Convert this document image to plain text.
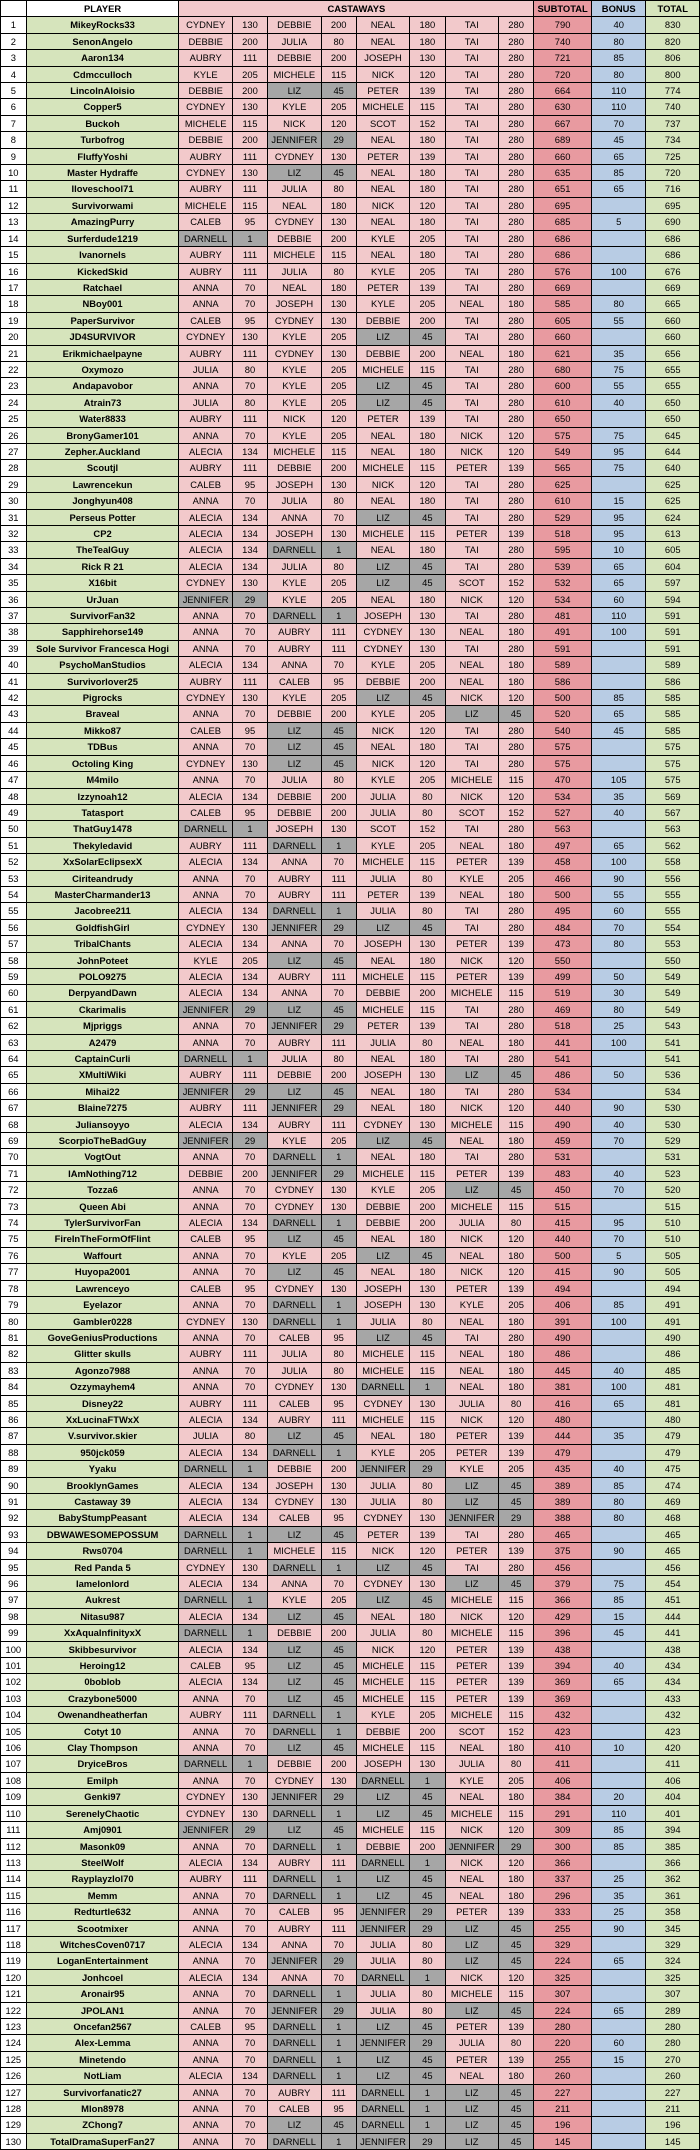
	PLAYER	CASTAWAYS								SUBTOTAL	BONUS	TOTAL
1	MikeyRocks33	CYDNEY	130	DEBBIE	200	NEAL	180	TAI	280	790	40	830
2	SenonAngelo	DEBBIE	200	JULIA	80	NEAL	180	TAI	280	740	80	820
3	Aaron134	AUBRY	111	DEBBIE	200	JOSEPH	130	TAI	280	721	85	806
4	Cdmcculloch	KYLE	205	MICHELE	115	NICK	120	TAI	280	720	80	800
5	LincolnAloisio	DEBBIE	200	LIZ	45	PETER	139	TAI	280	664	110	774
6	Copper5	CYDNEY	130	KYLE	205	MICHELE	115	TAI	280	630	110	740
7	Buckoh	MICHELE	115	NICK	120	SCOT	152	TAI	280	667	70	737
8	Turbofrog	DEBBIE	200	JENNIFER	29	NEAL	180	TAI	280	689	45	734
9	FluffyYoshi	AUBRY	111	CYDNEY	130	PETER	139	TAI	280	660	65	725
10	Master Hydraffe	CYDNEY	130	LIZ	45	NEAL	180	TAI	280	635	85	720
11	Iloveschool71	AUBRY	111	JULIA	80	NEAL	180	TAI	280	651	65	716
12	Survivorwami	MICHELE	115	NEAL	180	NICK	120	TAI	280	695		695
13	AmazingPurry	CALEB	95	CYDNEY	130	NEAL	180	TAI	280	685	5	690
14	Surferdude1219	DARNELL	1	DEBBIE	200	KYLE	205	TAI	280	686		686
15	Ivanornels	AUBRY	111	MICHELE	115	NEAL	180	TAI	280	686		686
16	KickedSkid	AUBRY	111	JULIA	80	KYLE	205	TAI	280	576	100	676
17	Ratchael	ANNA	70	NEAL	180	PETER	139	TAI	280	669		669
18	NBoy001	ANNA	70	JOSEPH	130	KYLE	205	NEAL	180	585	80	665
19	PaperSurvivor	CALEB	95	CYDNEY	130	DEBBIE	200	TAI	280	605	55	660
20	JD4SURVIVOR	CYDNEY	130	KYLE	205	LIZ	45	TAI	280	660		660
21	Erikmichaelpayne	AUBRY	111	CYDNEY	130	DEBBIE	200	NEAL	180	621	35	656
22	Oxymozo	JULIA	80	KYLE	205	MICHELE	115	TAI	280	680	75	655
23	Andapavobor	ANNA	70	KYLE	205	LIZ	45	TAI	280	600	55	655
24	Atrain73	JULIA	80	KYLE	205	LIZ	45	TAI	280	610	40	650
25	Water8833	AUBRY	111	NICK	120	PETER	139	TAI	280	650		650
26	BronyGamer101	ANNA	70	KYLE	205	NEAL	180	NICK	120	575	75	645
27	Zepher.Auckland	ALECIA	134	MICHELE	115	NEAL	180	NICK	120	549	95	644
28	Scoutjl	AUBRY	111	DEBBIE	200	MICHELE	115	PETER	139	565	75	640
29	Lawrencekun	CALEB	95	JOSEPH	130	NICK	120	TAI	280	625		625
30	Jonghyun408	ANNA	70	JULIA	80	NEAL	180	TAI	280	610	15	625
31	Perseus Potter	ALECIA	134	ANNA	70	LIZ	45	TAI	280	529	95	624
32	CP2	ALECIA	134	JOSEPH	130	MICHELE	115	PETER	139	518	95	613
33	TheTealGuy	ALECIA	134	DARNELL	1	NEAL	180	TAI	280	595	10	605
34	Rick R 21	ALECIA	134	JULIA	80	LIZ	45	TAI	280	539	65	604
35	X16bit	CYDNEY	130	KYLE	205	LIZ	45	SCOT	152	532	65	597
36	UrJuan	JENNIFER	29	KYLE	205	NEAL	180	NICK	120	534	60	594
37	SurvivorFan32	ANNA	70	DARNELL	1	JOSEPH	130	TAI	280	481	110	591
38	Sapphirehorse149	ANNA	70	AUBRY	111	CYDNEY	130	NEAL	180	491	100	591
39	Sole Survivor Francesca Hogi	ANNA	70	AUBRY	111	CYDNEY	130	TAI	280	591		591
40	PsychoManStudios	ALECIA	134	ANNA	70	KYLE	205	NEAL	180	589		589
41	Survivorlover25	AUBRY	111	CALEB	95	DEBBIE	200	NEAL	180	586		586
42	Pigrocks	CYDNEY	130	KYLE	205	LIZ	45	NICK	120	500	85	585
43	Braveal	ANNA	70	DEBBIE	200	KYLE	205	LIZ	45	520	65	585
44	Mikko87	CALEB	95	LIZ	45	NICK	120	TAI	280	540	45	585
45	TDBus	ANNA	70	LIZ	45	NEAL	180	TAI	280	575		575
46	Octoling King	CYDNEY	130	LIZ	45	NICK	120	TAI	280	575		575
47	M4milo	ANNA	70	JULIA	80	KYLE	205	MICHELE	115	470	105	575
48	Izzynoah12	ALECIA	134	DEBBIE	200	JULIA	80	NICK	120	534	35	569
49	Tatasport	CALEB	95	DEBBIE	200	JULIA	80	SCOT	152	527	40	567
50	ThatGuy1478	DARNELL	1	JOSEPH	130	SCOT	152	TAI	280	563		563
51	Thekyledavid	AUBRY	111	DARNELL	1	KYLE	205	NEAL	180	497	65	562
52	XxSolarEclipsexX	ALECIA	134	ANNA	70	MICHELE	115	PETER	139	458	100	558
53	Ciriteandrudy	ANNA	70	AUBRY	111	JULIA	80	KYLE	205	466	90	556
54	MasterCharmander13	ANNA	70	AUBRY	111	PETER	139	NEAL	180	500	55	555
55	Jacobree211	ALECIA	134	DARNELL	1	JULIA	80	TAI	280	495	60	555
56	GoldfishGirl	CYDNEY	130	JENNIFER	29	LIZ	45	TAI	280	484	70	554
57	TribalChants	ALECIA	134	ANNA	70	JOSEPH	130	PETER	139	473	80	553
58	JohnPoteet	KYLE	205	LIZ	45	NEAL	180	NICK	120	550		550
59	POLO9275	ALECIA	134	AUBRY	111	MICHELE	115	PETER	139	499	50	549
60	DerpyandDawn	ALECIA	134	ANNA	70	DEBBIE	200	MICHELE	115	519	30	549
61	Ckarimalis	JENNIFER	29	LIZ	45	MICHELE	115	TAI	280	469	80	549
62	Mjpriggs	ANNA	70	JENNIFER	29	PETER	139	TAI	280	518	25	543
63	A2479	ANNA	70	AUBRY	111	JULIA	80	NEAL	180	441	100	541
64	CaptainCurli	DARNELL	1	JULIA	80	NEAL	180	TAI	280	541		541
65	XMultiWiki	AUBRY	111	DEBBIE	200	JOSEPH	130	LIZ	45	486	50	536
66	Mihai22	JENNIFER	29	LIZ	45	NEAL	180	TAI	280	534		534
67	Blaine7275	AUBRY	111	JENNIFER	29	NEAL	180	NICK	120	440	90	530
68	Juliansoyyo	ALECIA	134	AUBRY	111	CYDNEY	130	MICHELE	115	490	40	530
69	ScorpioTheBadGuy	JENNIFER	29	KYLE	205	LIZ	45	NEAL	180	459	70	529
70	VogtOut	ANNA	70	DARNELL	1	NEAL	180	TAI	280	531		531
71	IAmNothing712	DEBBIE	200	JENNIFER	29	MICHELE	115	PETER	139	483	40	523
72	Tozza6	ANNA	70	CYDNEY	130	KYLE	205	LIZ	45	450	70	520
73	Queen Abi	ANNA	70	CYDNEY	130	DEBBIE	200	MICHELE	115	515		515
74	TylerSurvivorFan	ALECIA	134	DARNELL	1	DEBBIE	200	JULIA	80	415	95	510
75	FireInTheFormOfFlint	CALEB	95	LIZ	45	NEAL	180	NICK	120	440	70	510
76	Waffourt	ANNA	70	KYLE	205	LIZ	45	NEAL	180	500	5	505
77	Huyopa2001	ANNA	70	LIZ	45	NEAL	180	NICK	120	415	90	505
78	Lawrenceyo	CALEB	95	CYDNEY	130	JOSEPH	130	PETER	139	494		494
79	Eyelazor	ANNA	70	DARNELL	1	JOSEPH	130	KYLE	205	406	85	491
80	Gambler0228	CYDNEY	130	DARNELL	1	JULIA	80	NEAL	180	391	100	491
81	GoveGeniusProductions	ANNA	70	CALEB	95	LIZ	45	TAI	280	490		490
82	Glitter skulls	AUBRY	111	JULIA	80	MICHELE	115	NEAL	180	486		486
83	Agonzo7988	ANNA	70	JULIA	80	MICHELE	115	NEAL	180	445	40	485
84	Ozzymayhem4	ANNA	70	CYDNEY	130	DARNELL	1	NEAL	180	381	100	481
85	Disney22	AUBRY	111	CALEB	95	CYDNEY	130	JULIA	80	416	65	481
86	XxLucinaFTWxX	ALECIA	134	AUBRY	111	MICHELE	115	NICK	120	480		480
87	V.survivor.skier	JULIA	80	LIZ	45	NEAL	180	PETER	139	444	35	479
88	950jck059	ALECIA	134	DARNELL	1	KYLE	205	PETER	139	479		479
89	Yyaku	DARNELL	1	DEBBIE	200	JENNIFER	29	KYLE	205	435	40	475
90	BrooklynGames	ALECIA	134	JOSEPH	130	JULIA	80	LIZ	45	389	85	474
91	Castaway 39	ALECIA	134	CYDNEY	130	JULIA	80	LIZ	45	389	80	469
92	BabyStumpPeasant	ALECIA	134	CALEB	95	CYDNEY	130	JENNIFER	29	388	80	468
93	DBWAWESOMEPOSSUM	DARNELL	1	LIZ	45	PETER	139	TAI	280	465		465
94	Rws0704	DARNELL	1	MICHELE	115	NICK	120	PETER	139	375	90	465
95	Red Panda 5	CYDNEY	130	DARNELL	1	LIZ	45	TAI	280	456		456
96	Iamelonlord	ALECIA	134	ANNA	70	CYDNEY	130	LIZ	45	379	75	454
97	Aukrest	DARNELL	1	KYLE	205	LIZ	45	MICHELE	115	366	85	451
98	Nitasu987	ALECIA	134	LIZ	45	NEAL	180	NICK	120	429	15	444
99	XxAquaInfinityxX	DARNELL	1	DEBBIE	200	JULIA	80	MICHELE	115	396	45	441
100	Skibbesurvivor	ALECIA	134	LIZ	45	NICK	120	PETER	139	438		438
101	Heroing12	CALEB	95	LIZ	45	MICHELE	115	PETER	139	394	40	434
102	0boblob	ALECIA	134	LIZ	45	MICHELE	115	PETER	139	369	65	434
103	Crazybone5000	ANNA	70	LIZ	45	MICHELE	115	PETER	139	369		433
104	Owenandheatherfan	AUBRY	111	DARNELL	1	KYLE	205	MICHELE	115	432		432
105	Cotyt 10	ANNA	70	DARNELL	1	DEBBIE	200	SCOT	152	423		423
106	Clay Thompson	ANNA	70	LIZ	45	MICHELE	115	NEAL	180	410	10	420
107	DryiceBros	DARNELL	1	DEBBIE	200	JOSEPH	130	JULIA	80	411		411
108	Emilph	ANNA	70	CYDNEY	130	DARNELL	1	KYLE	205	406		406
109	Genki97	CYDNEY	130	JENNIFER	29	LIZ	45	NEAL	180	384	20	404
110	SerenelyChaotic	CYDNEY	130	DARNELL	1	LIZ	45	MICHELE	115	291	110	401
111	Amj0901	JENNIFER	29	LIZ	45	MICHELE	115	NICK	120	309	85	394
112	Masonk09	ANNA	70	DARNELL	1	DEBBIE	200	JENNIFER	29	300	85	385
113	SteelWolf	ALECIA	134	AUBRY	111	DARNELL	1	NICK	120	366		366
114	Rayplayzlol70	AUBRY	111	DARNELL	1	LIZ	45	NEAL	180	337	25	362
115	Memm	ANNA	70	DARNELL	1	LIZ	45	NEAL	180	296	35	361
116	Redturtle632	ANNA	70	CALEB	95	JENNIFER	29	PETER	139	333	25	358
117	Scootmixer	ANNA	70	AUBRY	111	JENNIFER	29	LIZ	45	255	90	345
118	WitchesCoven0717	ALECIA	134	ANNA	70	JULIA	80	LIZ	45	329		329
119	LoganEntertainment	ANNA	70	JENNIFER	29	JULIA	80	LIZ	45	224	65	324
120	Jonhcoel	ALECIA	134	ANNA	70	DARNELL	1	NICK	120	325		325
121	Aronair95	ANNA	70	DARNELL	1	JULIA	80	MICHELE	115	307		307
122	JPOLAN1	ANNA	70	JENNIFER	29	JULIA	80	LIZ	45	224	65	289
123	Oncefan2567	CALEB	95	DARNELL	1	LIZ	45	PETER	139	280		280
124	Alex-Lemma	ANNA	70	DARNELL	1	JENNIFER	29	JULIA	80	220	60	280
125	Minetendo	ANNA	70	DARNELL	1	LIZ	45	PETER	139	255	15	270
126	NotLiam	ALECIA	134	DARNELL	1	LIZ	45	NEAL	180	260		260
127	Survivorfanatic27	ANNA	70	AUBRY	111	DARNELL	1	LIZ	45	227		227
128	Mlon8978	ANNA	70	CALEB	95	DARNELL	1	LIZ	45	211		211
129	ZChong7	ANNA	70	LIZ	45	DARNELL	1	LIZ	45	196		196
130	TotalDramaSuperFan27	ANNA	70	DARNELL	1	JENNIFER	29	LIZ	45	145		145
